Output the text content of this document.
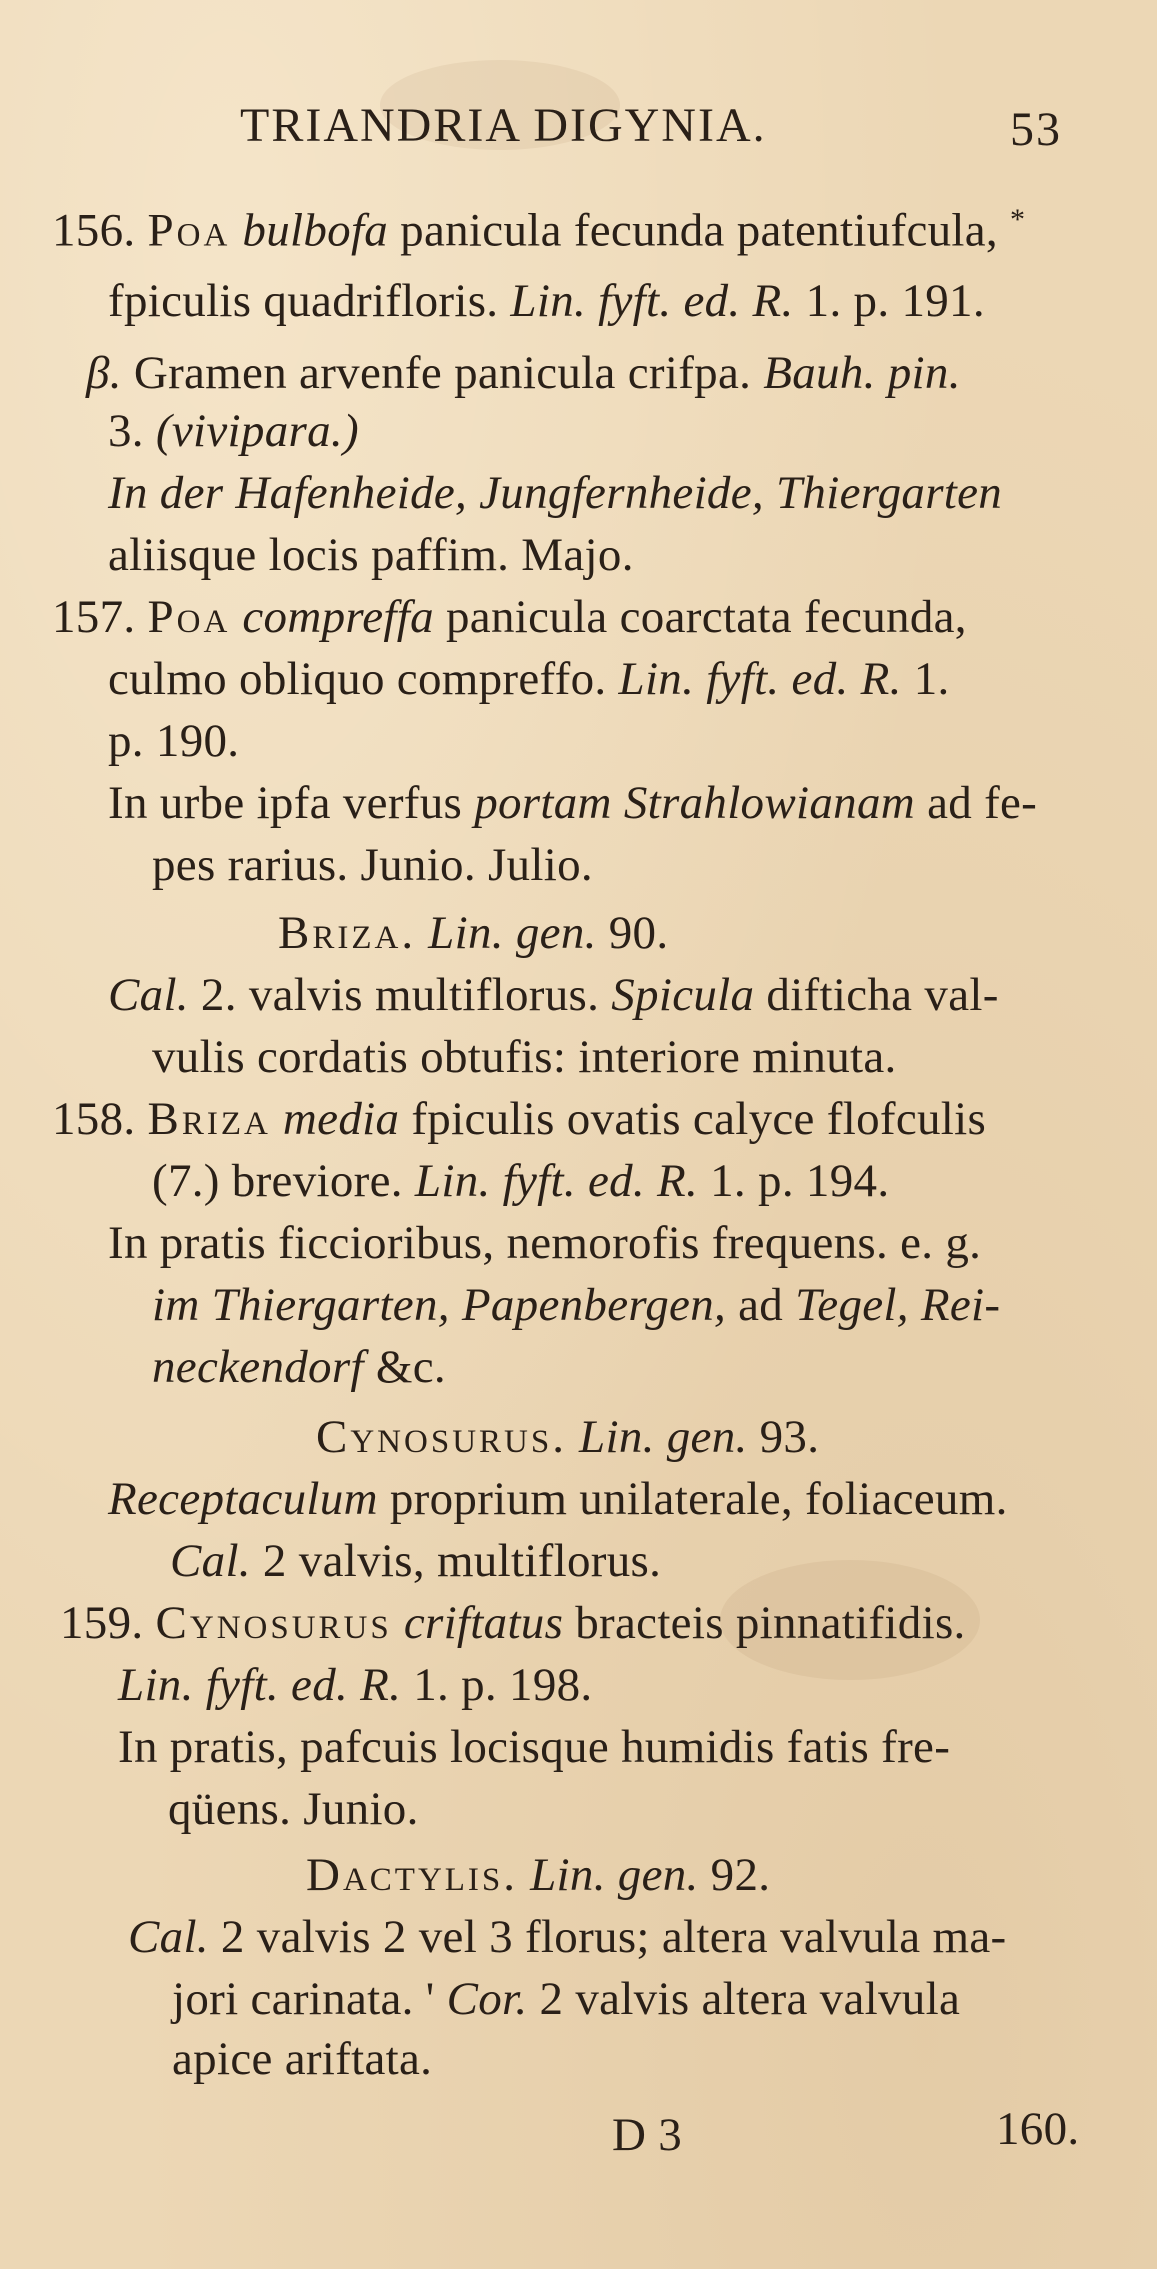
TRIANDRIA DIGYNIA.	53
156. Poa bulbofa panicula fecunda patentiufcula, *
fpiculis quadrifloris. Lin. fyft. ed. R. 1. p. 191.
β. Gramen arvenfe panicula crifpa. Bauh. pin.
3. (vivipara.)
In der Hafenheide, Jungfernheide, Thiergarten
aliisque locis paffim. Majo.
157. Poa compreffa panicula coarctata fecunda,
culmo obliquo compreffo. Lin. fyft. ed. R. 1.
p. 190.
In urbe ipfa verfus portam Strahlowianam ad fe-
pes rarius. Junio. Julio.
Briza. Lin. gen. 90.
Cal. 2. valvis multiflorus. Spicula difticha val-
vulis cordatis obtufis: interiore minuta.
158. Briza media fpiculis ovatis calyce flofculis
(7.) breviore. Lin. fyft. ed. R. 1. p. 194.
In pratis ficcioribus, nemorofis frequens. e. g.
im Thiergarten, Papenbergen, ad Tegel, Rei-
neckendorf &c.
Cynosurus. Lin. gen. 93.
Receptaculum proprium unilaterale, foliaceum.
Cal. 2 valvis, multiflorus.
159. Cynosurus criftatus bracteis pinnatifidis.
Lin. fyft. ed. R. 1. p. 198.
In pratis, pafcuis locisque humidis fatis fre-
qüens. Junio.
Dactylis. Lin. gen. 92.
Cal. 2 valvis 2 vel 3 florus; altera valvula ma-
jori carinata. ' Cor. 2 valvis altera valvula
apice ariftata.
D 3	160.
